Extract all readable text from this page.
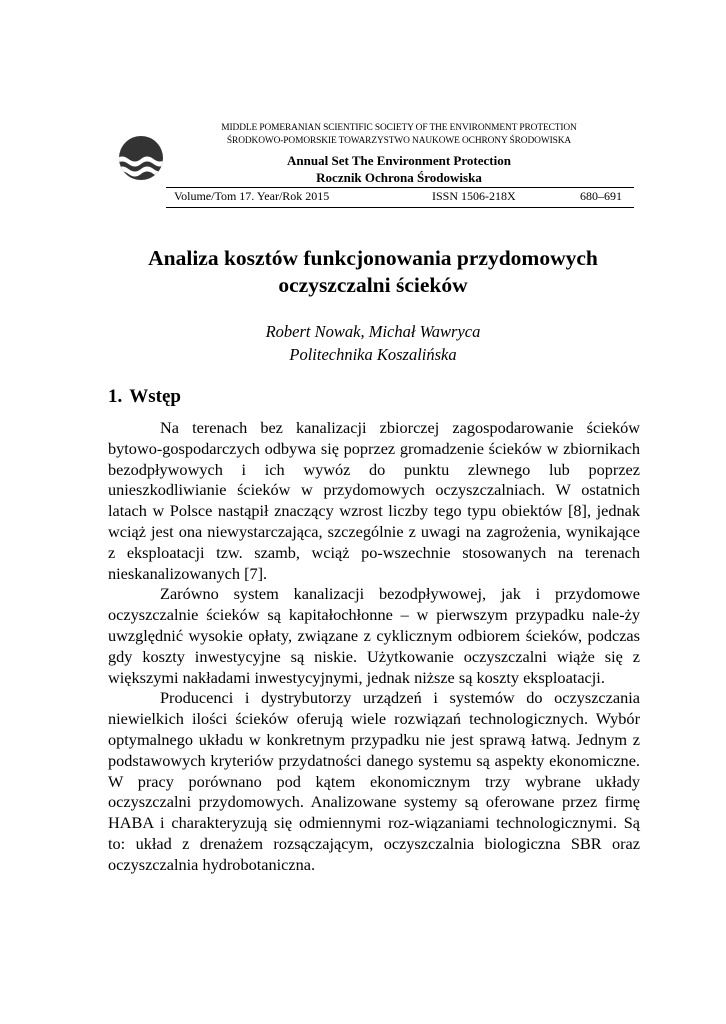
MIDDLE POMERANIAN SCIENTIFIC SOCIETY OF THE ENVIRONMENT PROTECTION
ŚRODKOWO-POMORSKIE TOWARZYSTWO NAUKOWE OCHRONY ŚRODOWISKA
Annual Set The Environment Protection
Rocznik Ochrona Środowiska
Volume/Tom 17. Year/Rok 2015	ISSN 1506-218X	680–691
Analiza kosztów funkcjonowania przydomowych
oczyszczalni ścieków
Robert Nowak, Michał Wawryca
Politechnika Koszalińska
1. Wstęp

Na terenach bez kanalizacji zbiorczej zagospodarowanie ścieków bytowo-gospodarczych odbywa się poprzez gromadzenie ścieków w zbiornikach bezodpływowych i ich wywóz do punktu zlewnego lub poprzez unieszkodliwianie ścieków w przydomowych oczyszczalniach. W ostatnich latach w Polsce nastąpił znaczący wzrost liczby tego typu obiektów [8], jednak wciąż jest ona niewystarczająca, szczególnie z uwagi na zagrożenia, wynikające z eksploatacji tzw. szamb, wciąż po-wszechnie stosowanych na terenach nieskanalizowanych [7].

Zarówno system kanalizacji bezodpływowej, jak i przydomowe oczyszczalnie ścieków są kapitałochłonne – w pierwszym przypadku nale-ży uwzględnić wysokie opłaty, związane z cyklicznym odbiorem ścieków, podczas gdy koszty inwestycyjne są niskie. Użytkowanie oczyszczalni wiąże się z większymi nakładami inwestycyjnymi, jednak niższe są koszty eksploatacji.

Producenci i dystrybutorzy urządzeń i systemów do oczyszczania niewielkich ilości ścieków oferują wiele rozwiązań technologicznych. Wybór optymalnego układu w konkretnym przypadku nie jest sprawą łatwą. Jednym z podstawowych kryteriów przydatności danego systemu są aspekty ekonomiczne. W pracy porównano pod kątem ekonomicznym trzy wybrane układy oczyszczalni przydomowych. Analizowane systemy są oferowane przez firmę HABA i charakteryzują się odmiennymi roz-wiązaniami technologicznymi. Są to: układ z drenażem rozsączającym, oczyszczalnia biologiczna SBR oraz oczyszczalnia hydrobotaniczna.
